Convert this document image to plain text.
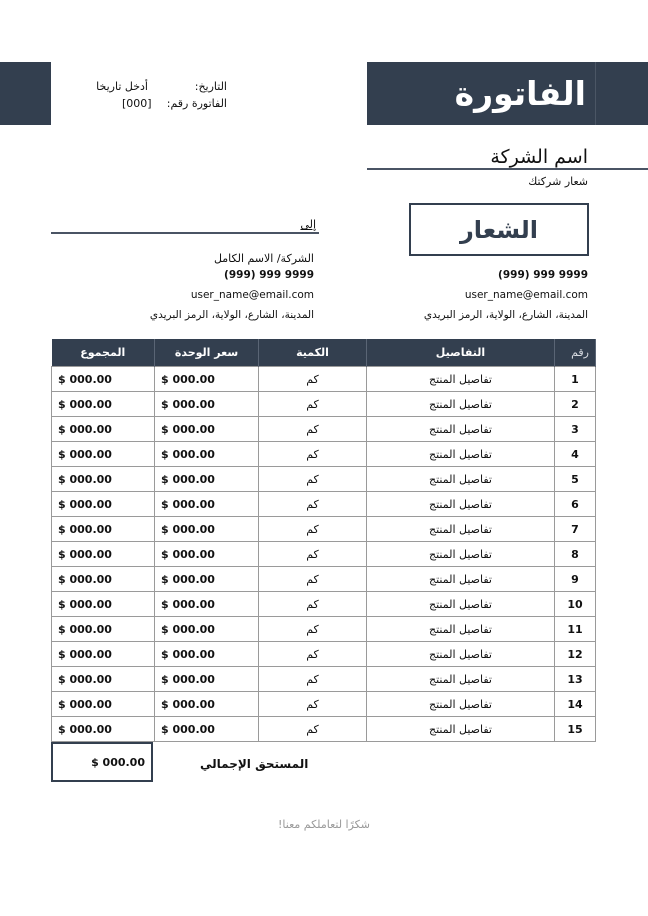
الفاتورة
التاريخ:
أدخل تاريخا
الفاتورة رقم:
[000]
اسم الشركة
شعار شركتك
الشعار
(999) 999 9999
user_name@email.com
المدينة، الشارع، الولاية، الرمز البريدي
إلى
الشركة/ الاسم الكامل
(999) 999 9999
user_name@email.com
المدينة، الشارع، الولاية، الرمز البريدي
المجموع	سعر الوحدة	الكمية	التفاصيل	رقم
$ 000.00	$ 000.00	كم	تفاصيل المنتج	1
$ 000.00	$ 000.00	كم	تفاصيل المنتج	2
$ 000.00	$ 000.00	كم	تفاصيل المنتج	3
$ 000.00	$ 000.00	كم	تفاصيل المنتج	4
$ 000.00	$ 000.00	كم	تفاصيل المنتج	5
$ 000.00	$ 000.00	كم	تفاصيل المنتج	6
$ 000.00	$ 000.00	كم	تفاصيل المنتج	7
$ 000.00	$ 000.00	كم	تفاصيل المنتج	8
$ 000.00	$ 000.00	كم	تفاصيل المنتج	9
$ 000.00	$ 000.00	كم	تفاصيل المنتج	10
$ 000.00	$ 000.00	كم	تفاصيل المنتج	11
$ 000.00	$ 000.00	كم	تفاصيل المنتج	12
$ 000.00	$ 000.00	كم	تفاصيل المنتج	13
$ 000.00	$ 000.00	كم	تفاصيل المنتج	14
$ 000.00	$ 000.00	كم	تفاصيل المنتج	15
$ 000.00	المستحق الإجمالي
شكرًا لتعاملكم معنا!
